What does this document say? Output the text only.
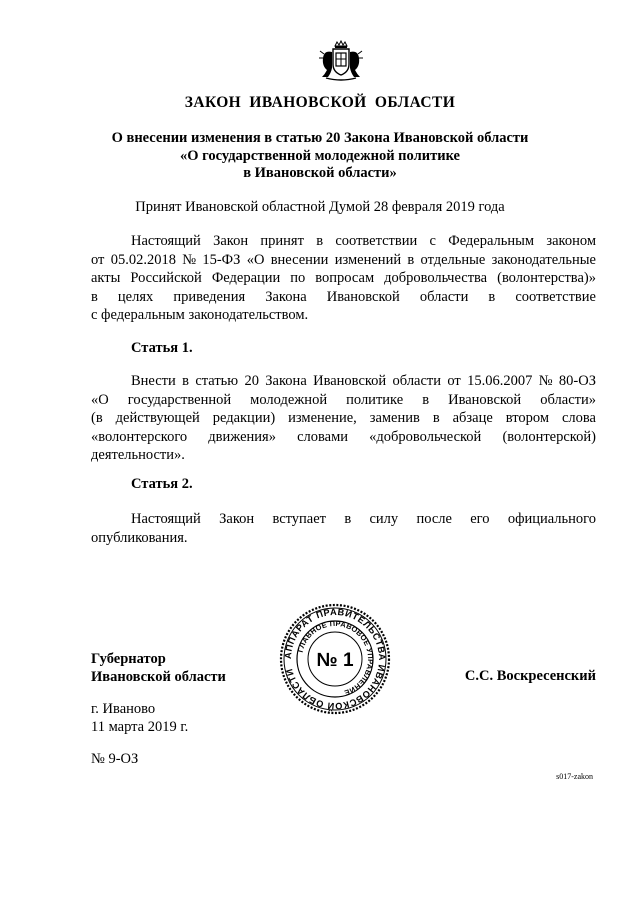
ЗАКОН ИВАНОВСКОЙ ОБЛАСТИ
О внесении изменения в статью 20 Закона Ивановской области
«О государственной молодежной политике
в Ивановской области»
Принят Ивановской областной Думой 28 февраля 2019 года
Настоящий Закон принят в соответствии с Федеральным законом
от 05.02.2018 № 15-ФЗ «О внесении изменений в отдельные законодательные
акты Российской Федерации по вопросам добровольчества (волонтерства)»
в целях приведения Закона Ивановской области в соответствие
с федеральным законодательством.
Статья 1.
Внести в статью 20 Закона Ивановской области от 15.06.2007 № 80-ОЗ
«О государственной молодежной политике в Ивановской области»
(в действующей редакции) изменение, заменив в абзаце втором слова
«волонтерского движения» словами «добровольческой (волонтерской)
деятельности».
Статья 2.
Настоящий Закон вступает в силу после его официального
опубликования.
АППАРАТ ПРАВИТЕЛЬСТВА ИВАНОВСКОЙ ОБЛАСТИ
ГЛАВНОЕ ПРАВОВОЕ УПРАВЛЕНИЕ
№ 1
Губернатор
Ивановской области	С.С. Воскресенский
г. Иваново
11 марта 2019 г.
№ 9-ОЗ
s017-zakon
